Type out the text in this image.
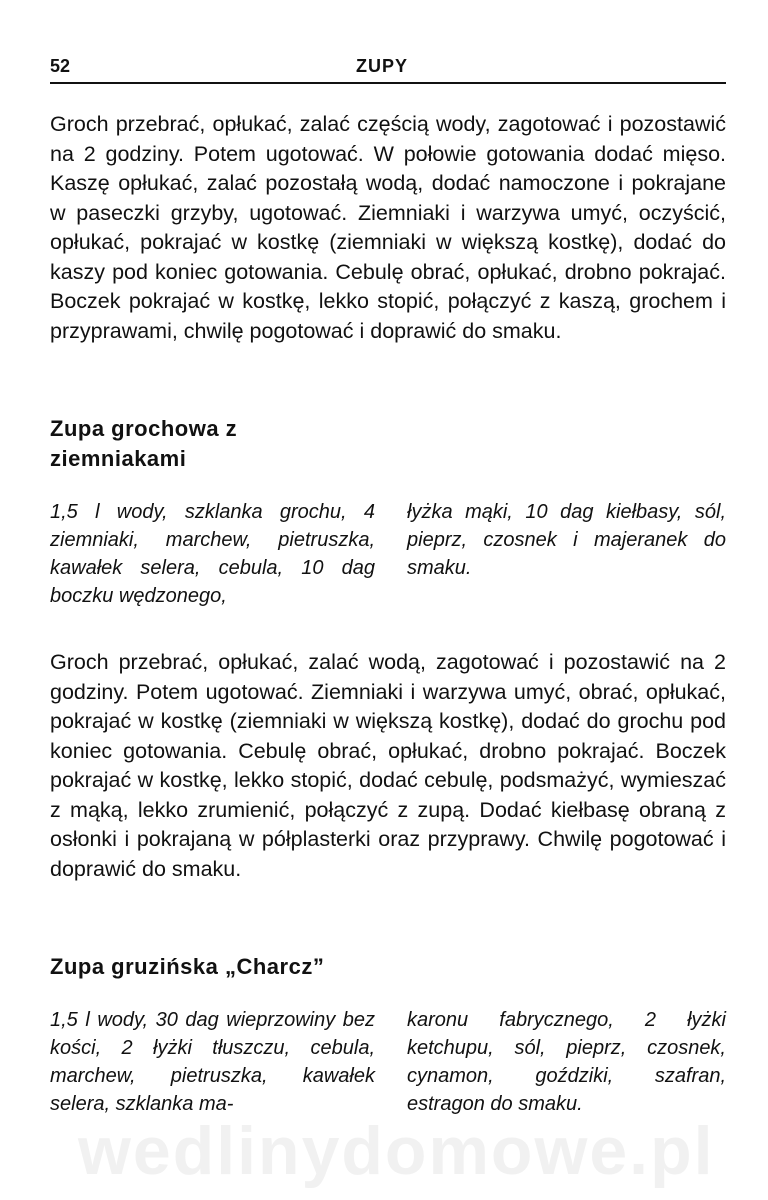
52	ZUPY

Groch przebrać, opłukać, zalać częścią wody, zagotować i pozostawić na 2 godziny. Potem ugotować. W połowie gotowania dodać mięso. Kaszę opłukać, zalać pozostałą wodą, dodać namoczone i pokrajane w paseczki grzyby, ugotować. Ziemniaki i warzywa umyć, oczyścić, opłukać, pokrajać w kostkę (ziemniaki w większą kostkę), dodać do kaszy pod koniec gotowania. Cebulę obrać, opłukać, drobno pokrajać. Boczek pokrajać w kostkę, lekko stopić, połączyć z kaszą, grochem i przyprawami, chwilę pogotować i doprawić do smaku.

Zupa grochowa z ziemniakami

1,5 l wody, szklanka grochu, 4 ziemniaki, marchew, pietruszka, kawałek selera, cebula, 10 dag boczku wędzonego,

łyżka mąki, 10 dag kiełbasy, sól, pieprz, czosnek i majeranek do smaku.

Groch przebrać, opłukać, zalać wodą, zagotować i pozostawić na 2 godziny. Potem ugotować. Ziemniaki i warzywa umyć, obrać, opłukać, pokrajać w kostkę (ziemniaki w większą kostkę), dodać do grochu pod koniec gotowania. Cebulę obrać, opłukać, drobno pokrajać. Boczek pokrajać w kostkę, lekko stopić, dodać cebulę, podsmażyć, wymieszać z mąką, lekko zrumienić, połączyć z zupą. Dodać kiełbasę obraną z osłonki i pokrajaną w półplasterki oraz przyprawy. Chwilę pogotować i doprawić do smaku.

Zupa gruzińska „Charcz”

1,5 l wody, 30 dag wieprzowiny bez kości, 2 łyżki tłuszczu, cebula, marchew, pietruszka, kawałek selera, szklanka ma-

karonu fabrycznego, 2 łyżki ketchupu, sól, pieprz, czosnek, cynamon, goździki, szafran, estragon do smaku.

wedlinydomowe.pl
